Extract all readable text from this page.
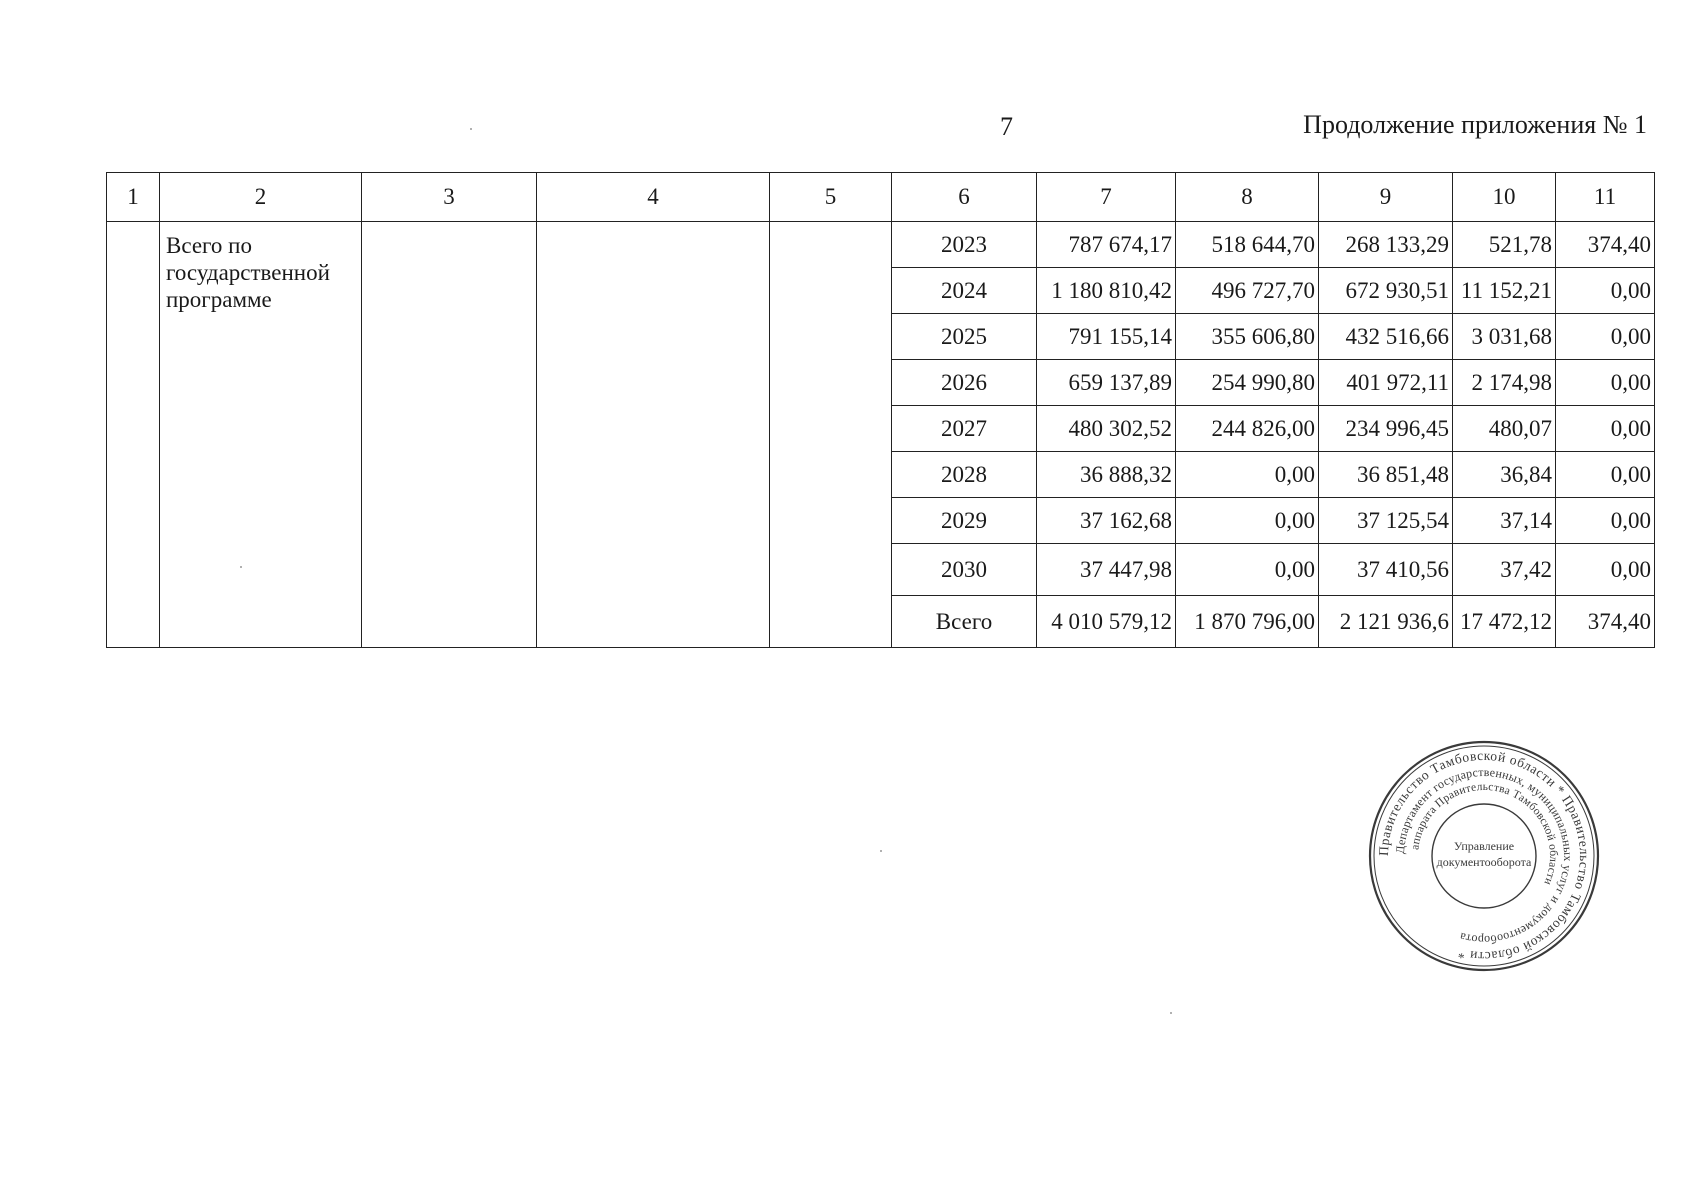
7	Продолжение приложения № 1
1	2	3	4	5	6	7	8	9	10	11
	Всего по государственной программе				2023	787 674,17	518 644,70	268 133,29	521,78	374,40
					2024	1 180 810,42	496 727,70	672 930,51	11 152,21	0,00
					2025	791 155,14	355 606,80	432 516,66	3 031,68	0,00
					2026	659 137,89	254 990,80	401 972,11	2 174,98	0,00
					2027	480 302,52	244 826,00	234 996,45	480,07	0,00
					2028	36 888,32	0,00	36 851,48	36,84	0,00
					2029	37 162,68	0,00	37 125,54	37,14	0,00
					2030	37 447,98	0,00	37 410,56	37,42	0,00
					Всего	4 010 579,12	1 870 796,00	2 121 936,6	17 472,12	374,40
Правительство Тамбовской области * Правительство Тамбовской области *
Департамент государственных, муниципальных услуг и документооборота
аппарата Правительства Тамбовской области
Управление
документооборота
